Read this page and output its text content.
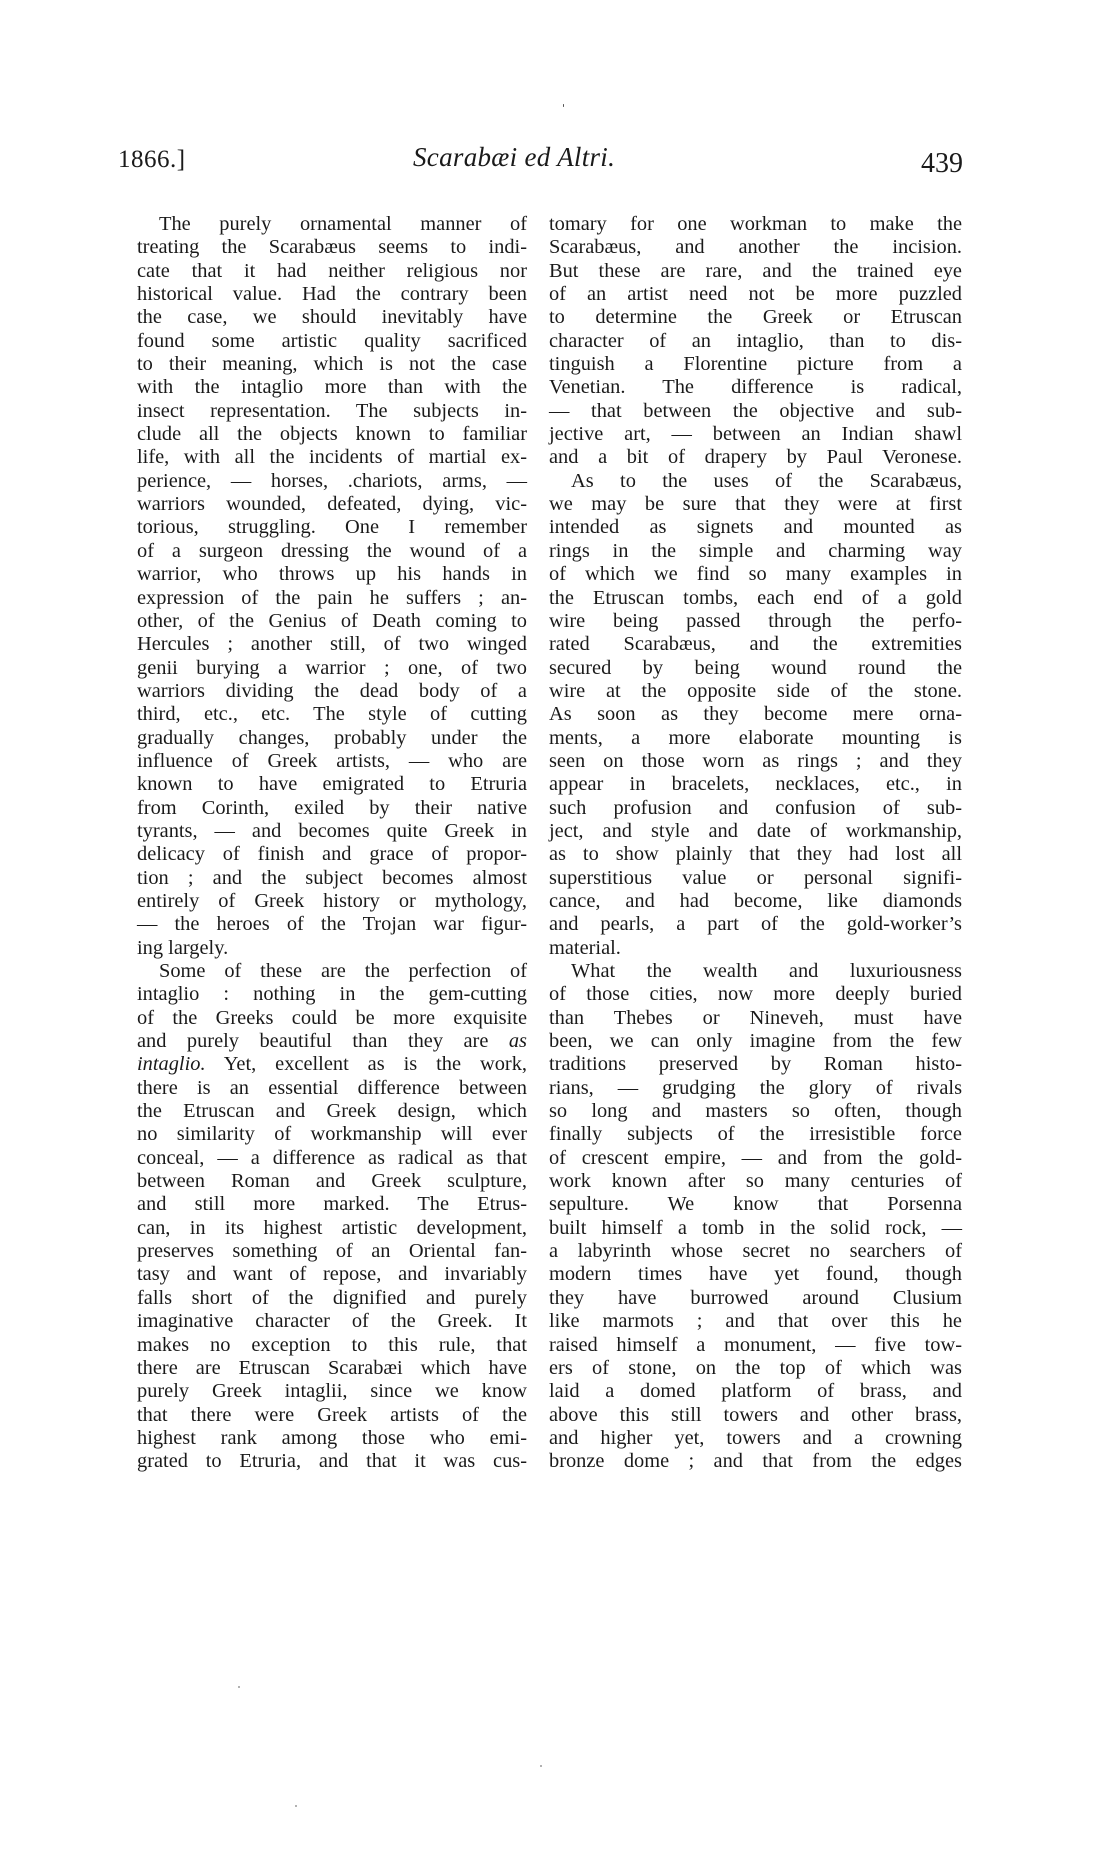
1866.]	Scarabæi ed Altri.	439
The purely ornamental manner of
treating the Scarabæus seems to indi-
cate that it had neither religious nor
historical value. Had the contrary been
the case, we should inevitably have
found some artistic quality sacrificed
to their meaning, which is not the case
with the intaglio more than with the
insect representation. The subjects in-
clude all the objects known to familiar
life, with all the incidents of martial ex-
perience, — horses, .chariots, arms, —
warriors wounded, defeated, dying, vic-
torious, struggling. One I remember
of a surgeon dressing the wound of a
warrior, who throws up his hands in
expression of the pain he suffers ; an-
other, of the Genius of Death coming to
Hercules ; another still, of two winged
genii burying a warrior ; one, of two
warriors dividing the dead body of a
third, etc., etc. The style of cutting
gradually changes, probably under the
influence of Greek artists, — who are
known to have emigrated to Etruria
from Corinth, exiled by their native
tyrants, — and becomes quite Greek in
delicacy of finish and grace of propor-
tion ; and the subject becomes almost
entirely of Greek history or mythology,
— the heroes of the Trojan war figur-
ing largely.
Some of these are the perfection of
intaglio : nothing in the gem-cutting
of the Greeks could be more exquisite
and purely beautiful than they are as
intaglio. Yet, excellent as is the work,
there is an essential difference between
the Etruscan and Greek design, which
no similarity of workmanship will ever
conceal, — a difference as radical as that
between Roman and Greek sculpture,
and still more marked. The Etrus-
can, in its highest artistic development,
preserves something of an Oriental fan-
tasy and want of repose, and invariably
falls short of the dignified and purely
imaginative character of the Greek. It
makes no exception to this rule, that
there are Etruscan Scarabæi which have
purely Greek intaglii, since we know
that there were Greek artists of the
highest rank among those who emi-
grated to Etruria, and that it was cus-
tomary for one workman to make the
Scarabæus, and another the incision.
But these are rare, and the trained eye
of an artist need not be more puzzled
to determine the Greek or Etruscan
character of an intaglio, than to dis-
tinguish a Florentine picture from a
Venetian. The difference is radical,
— that between the objective and sub-
jective art, — between an Indian shawl
and a bit of drapery by Paul Veronese.
As to the uses of the Scarabæus,
we may be sure that they were at first
intended as signets and mounted as
rings in the simple and charming way
of which we find so many examples in
the Etruscan tombs, each end of a gold
wire being passed through the perfo-
rated Scarabæus, and the extremities
secured by being wound round the
wire at the opposite side of the stone.
As soon as they become mere orna-
ments, a more elaborate mounting is
seen on those worn as rings ; and they
appear in bracelets, necklaces, etc., in
such profusion and confusion of sub-
ject, and style and date of workmanship,
as to show plainly that they had lost all
superstitious value or personal signifi-
cance, and had become, like diamonds
and pearls, a part of the gold-worker’s
material.
What the wealth and luxuriousness
of those cities, now more deeply buried
than Thebes or Nineveh, must have
been, we can only imagine from the few
traditions preserved by Roman histo-
rians, — grudging the glory of rivals
so long and masters so often, though
finally subjects of the irresistible force
of crescent empire, — and from the gold-
work known after so many centuries of
sepulture. We know that Porsenna
built himself a tomb in the solid rock, —
a labyrinth whose secret no searchers of
modern times have yet found, though
they have burrowed around Clusium
like marmots ; and that over this he
raised himself a monument, — five tow-
ers of stone, on the top of which was
laid a domed platform of brass, and
above this still towers and other brass,
and higher yet, towers and a crowning
bronze dome ; and that from the edges
